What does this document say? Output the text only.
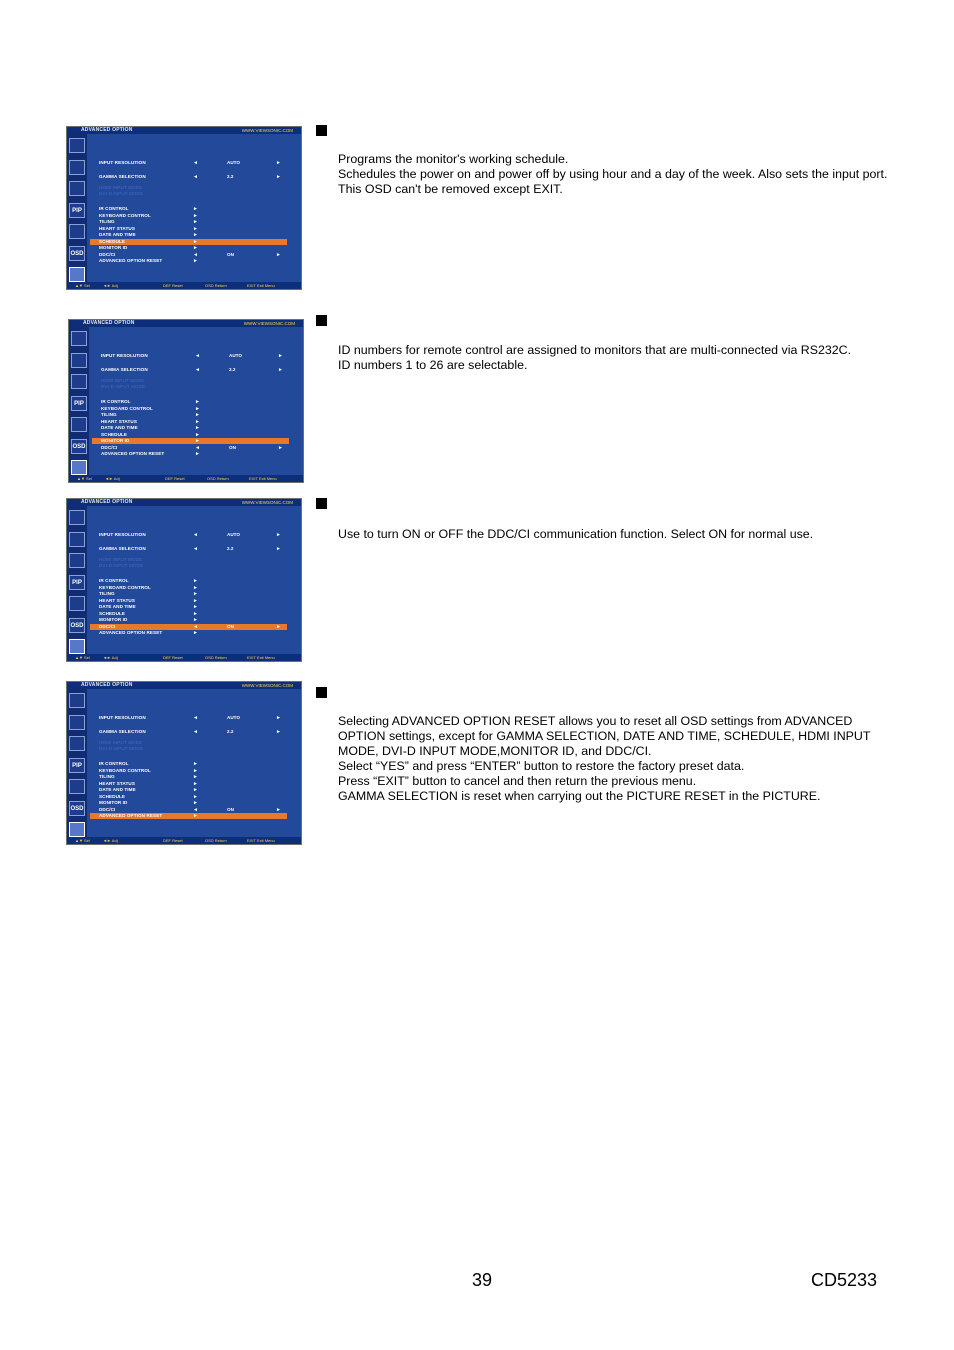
ADVANCED OPTION	WWW.VIEWSONIC.COM
PIP
OSD
INPUT RESOLUTION	◄	AUTO	►
GAMMA SELECTION	◄	2.2	►
HDMI INPUT MODE
DVI-D INPUT MODE
IR CONTROL	►
KEYBOARD CONTROL	►
TILING	►
HEART STATUS	►
DATE AND TIME	►
SCHEDULE	►
MONITOR ID	►
DDC/CI	◄	ON	►
ADVANCED OPTION RESET	►
▲▼ Sel	◄► Adj	DEF Reset	OSD Return	EXIT Exit Menu

Programs the monitor's working schedule.

Schedules the power on and power off by using hour and a day of the week. Also sets the input port.

This OSD can't be removed except EXIT.

ADVANCED OPTION	WWW.VIEWSONIC.COM
PIP
OSD
INPUT RESOLUTION	◄	AUTO	►
GAMMA SELECTION	◄	2.2	►
HDMI INPUT MODE
DVI-D INPUT MODE
IR CONTROL	►
KEYBOARD CONTROL	►
TILING	►
HEART STATUS	►
DATE AND TIME	►
SCHEDULE	►
MONITOR ID	►
DDC/CI	◄	ON	►
ADVANCED OPTION RESET	►
▲▼ Sel	◄► Adj	DEF Reset	OSD Return	EXIT Exit Menu

ID numbers for remote control are assigned to monitors that are multi-connected via RS232C.

ID numbers 1 to 26 are selectable.

ADVANCED OPTION	WWW.VIEWSONIC.COM
PIP
OSD
INPUT RESOLUTION	◄	AUTO	►
GAMMA SELECTION	◄	2.2	►
HDMI INPUT MODE
DVI-D INPUT MODE
IR CONTROL	►
KEYBOARD CONTROL	►
TILING	►
HEART STATUS	►
DATE AND TIME	►
SCHEDULE	►
MONITOR ID	►
DDC/CI	◄	ON	►
ADVANCED OPTION RESET	►
▲▼ Sel	◄► Adj	DEF Reset	OSD Return	EXIT Exit Menu

Use to turn ON or OFF the DDC/CI communication function. Select ON for normal use.

ADVANCED OPTION	WWW.VIEWSONIC.COM
PIP
OSD
INPUT RESOLUTION	◄	AUTO	►
GAMMA SELECTION	◄	2.2	►
HDMI INPUT MODE
DVI-D INPUT MODE
IR CONTROL	►
KEYBOARD CONTROL	►
TILING	►
HEART STATUS	►
DATE AND TIME	►
SCHEDULE	►
MONITOR ID	►
DDC/CI	◄	ON	►
ADVANCED OPTION RESET	►
▲▼ Sel	◄► Adj	DEF Reset	OSD Return	EXIT Exit Menu

Selecting ADVANCED OPTION RESET allows you to reset all OSD settings from ADVANCED OPTION settings, except for GAMMA SELECTION, DATE AND TIME, SCHEDULE, HDMI INPUT MODE, DVI-D INPUT MODE,MONITOR ID, and DDC/CI.

Select “YES” and press “ENTER” button to restore the factory preset data.

Press “EXIT” button to cancel and then return the previous menu.

GAMMA SELECTION is reset when carrying out the PICTURE RESET in the PICTURE.

39	CD5233
